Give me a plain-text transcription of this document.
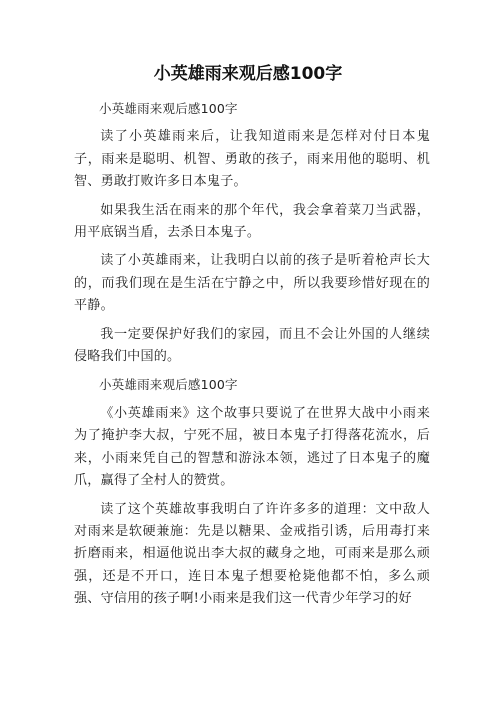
小英雄雨来观后感100字

小英雄雨来观后感100字

读了小英雄雨来后，让我知道雨来是怎样对付日本鬼子，雨来是聪明、机智、勇敢的孩子，雨来用他的聪明、机智、勇敢打败许多日本鬼子。

如果我生活在雨来的那个年代，我会拿着菜刀当武器，用平底锅当盾，去杀日本鬼子。

读了小英雄雨来，让我明白以前的孩子是听着枪声长大的，而我们现在是生活在宁静之中，所以我要珍惜好现在的平静。

我一定要保护好我们的家园，而且不会让外国的人继续侵略我们中国的。

小英雄雨来观后感100字

《小英雄雨来》这个故事只要说了在世界大战中小雨来为了掩护李大叔，宁死不屈，被日本鬼子打得落花流水，后来，小雨来凭自己的智慧和游泳本领，逃过了日本鬼子的魔爪，赢得了全村人的赞赏。

读了这个英雄故事我明白了许许多多的道理：文中敌人对雨来是软硬兼施：先是以糖果、金戒指引诱，后用毒打来折磨雨来，相逼他说出李大叔的藏身之地，可雨来是那么顽强，还是不开口，连日本鬼子想要枪毙他都不怕，多么顽强、守信用的孩子啊!小雨来是我们这一代青少年学习的好
